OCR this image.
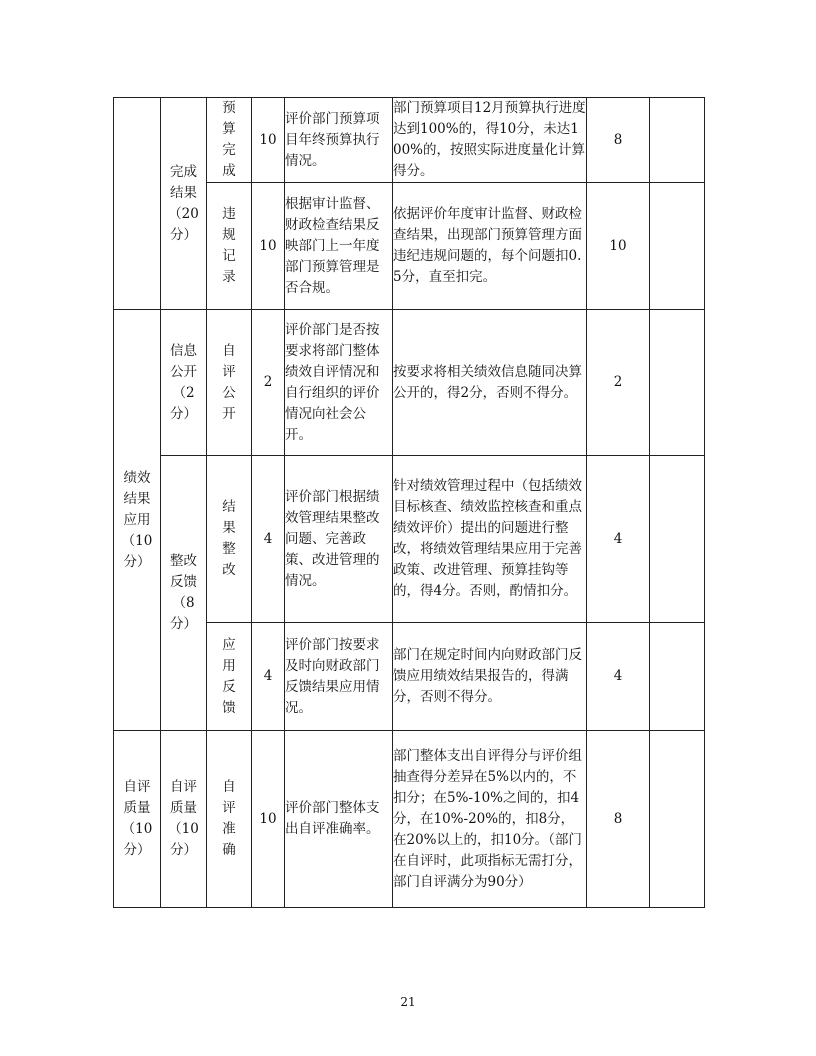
	完成
结果
（20
分）	预
算
完
成	10	评价部门预算项目年终预算执行情况。	部门预算项目12月预算执行进度达到100%的，得10分，未达100%的，按照实际进度量化计算得分。	8	

		违
规
记
录	10	根据审计监督、财政检查结果反映部门上一年度部门预算管理是否合规。	依据评价年度审计监督、财政检查结果，出现部门预算管理方面违纪违规问题的，每个问题扣0.5分，直至扣完。	10	

绩效
结果
应用
（10
分）	信息
公开
（2
分）	自
评
公
开	2	评价部门是否按要求将部门整体绩效自评情况和自行组织的评价情况向社会公开。	按要求将相关绩效信息随同决算公开的，得2分，否则不得分。	2	

	整改
反馈
（8
分）	结
果
整
改	4	评价部门根据绩效管理结果整改问题、完善政策、改进管理的情况。	针对绩效管理过程中（包括绩效目标核查、绩效监控核查和重点绩效评价）提出的问题进行整改，将绩效管理结果应用于完善政策、改进管理、预算挂钩等的，得4分。否则，酌情扣分。	4	

		应
用
反
馈	4	评价部门按要求及时向财政部门反馈结果应用情况。	部门在规定时间内向财政部门反馈应用绩效结果报告的，得满分，否则不得分。	4	

自评
质量
（10
分）	自评
质量
（10
分）	自
评
准
确	10	评价部门整体支出自评准确率。	部门整体支出自评得分与评价组抽查得分差异在5%以内的，不扣分；在5%-10%之间的，扣4分，在10%-20%的，扣8分，在20%以上的，扣10分。（部门在自评时，此项指标无需打分，部门自评满分为90分）	8	
21
